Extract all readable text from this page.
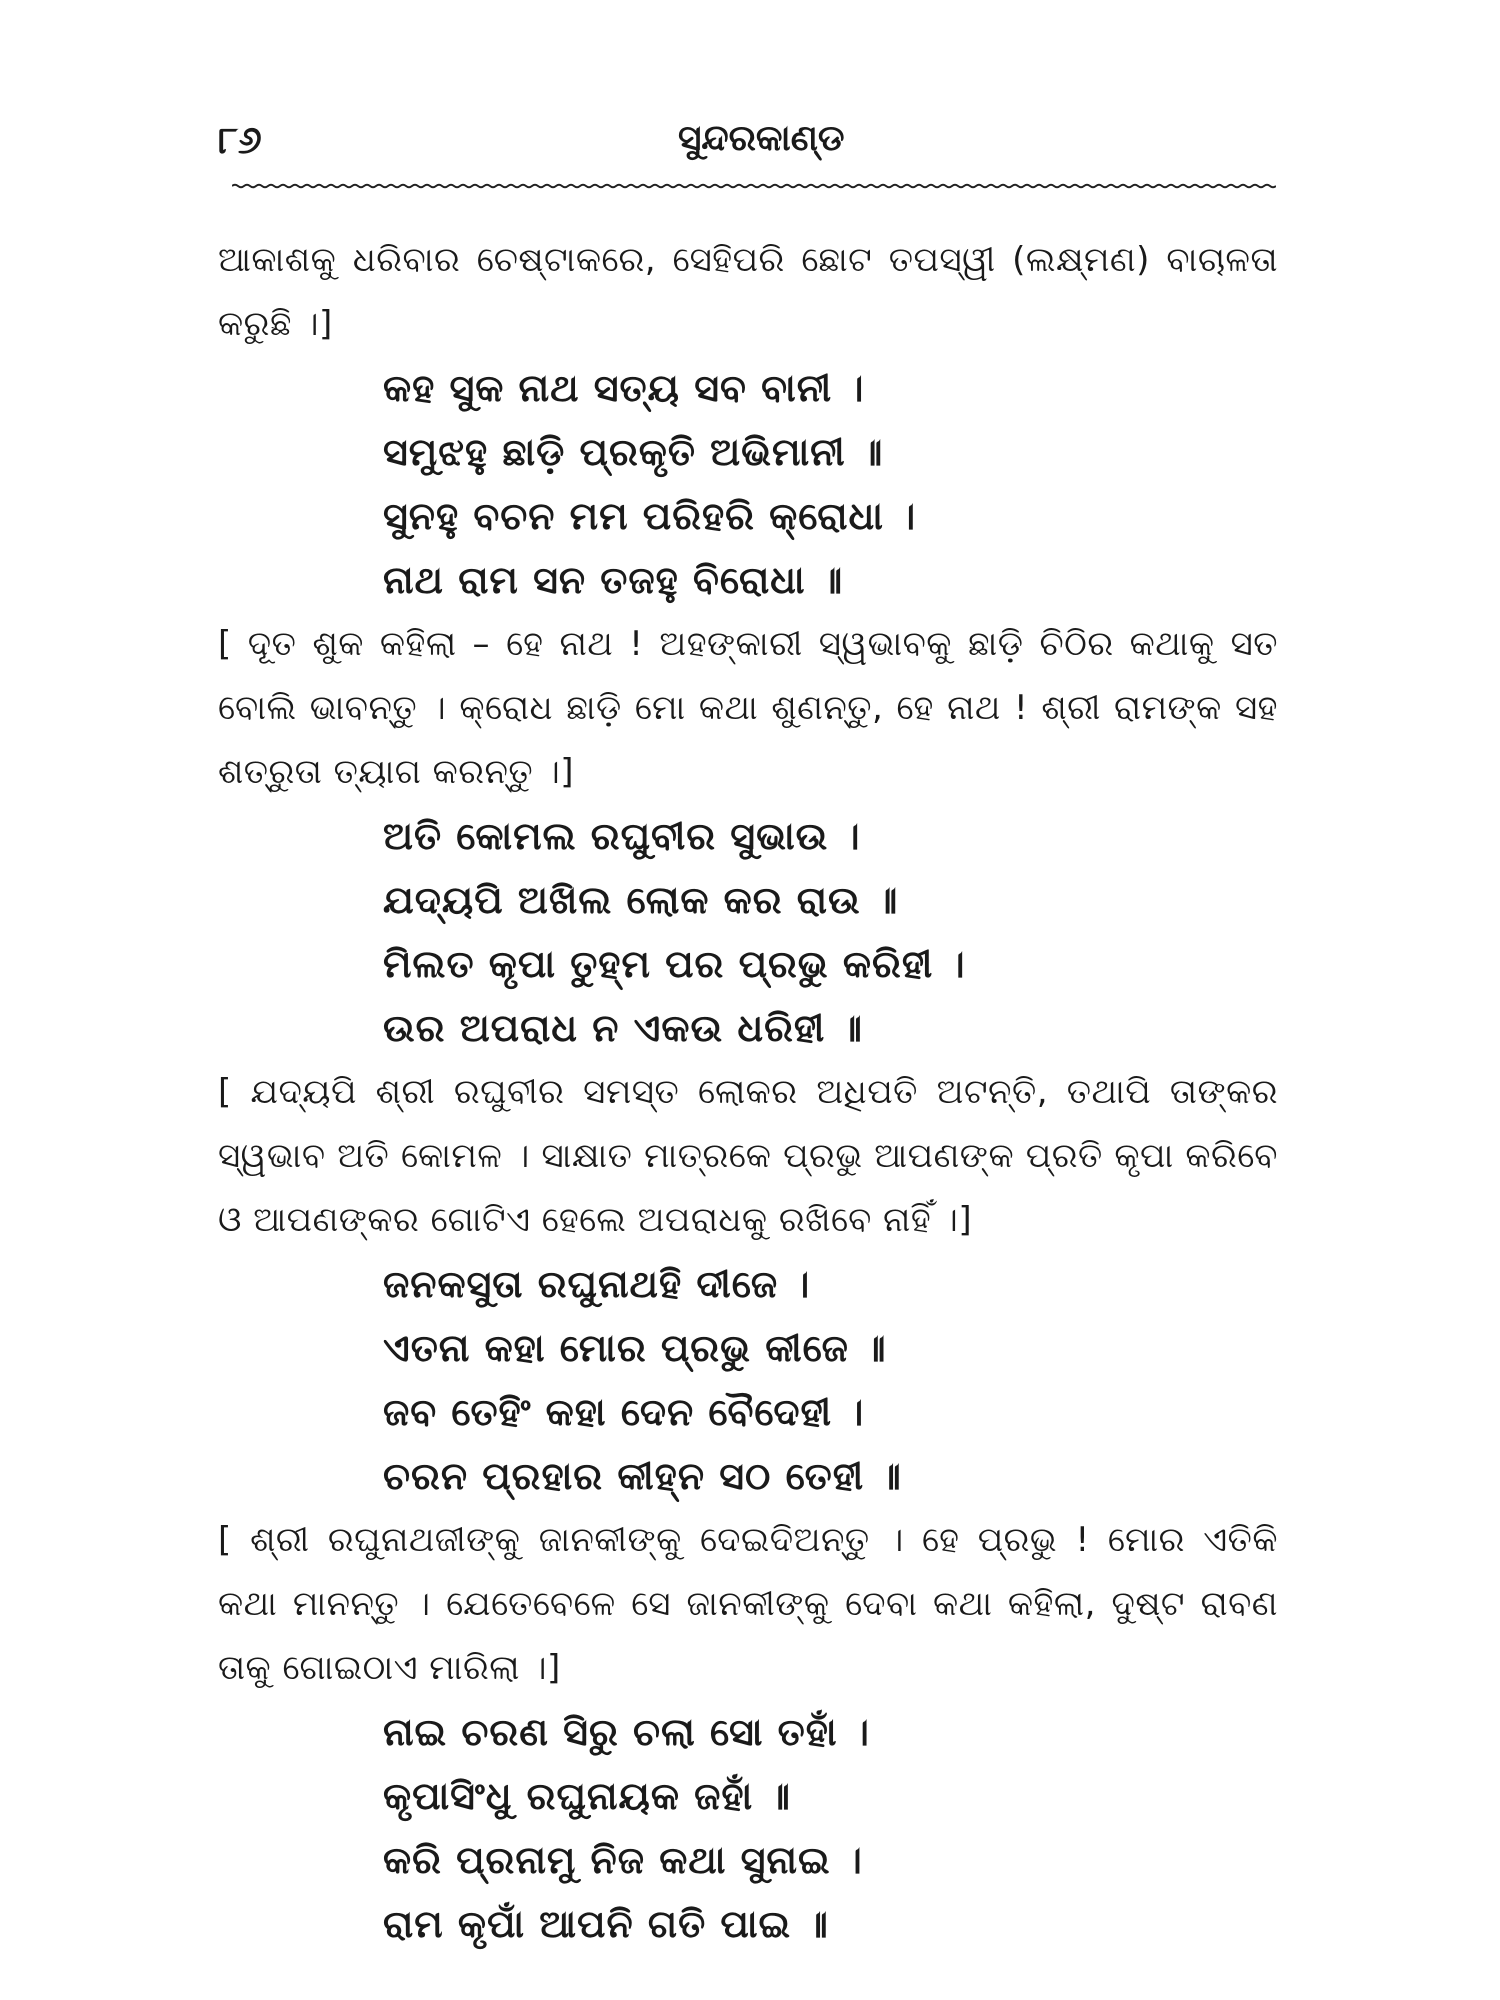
୮୬	ସୁନ୍ଦରକାଣ୍ଡ

ଆକାଶକୁ ଧରିବାର ଚେଷ୍ଟାକରେ, ସେହିପରି ଛୋଟ ତପସ୍ୱୀ (ଲକ୍ଷ୍ମଣ) ବାଚାଳତା କରୁଛି ।]

କହ ସୁକ ନାଥ ସତ୍ୟ ସବ ବାନୀ ।

ସମୁଝହୁ ଛାଡ଼ି ପ୍ରକୃତି ଅଭିମାନୀ ॥

ସୁନହୁ ବଚନ ମମ ପରିହରି କ୍ରୋଧା ।

ନାଥ ରାମ ସନ ତଜହୁ ବିରୋଧା ॥

[ ଦୂତ ଶୁକ କହିଲା – ହେ ନାଥ ! ଅହଙ୍କାରୀ ସ୍ୱଭାବକୁ ଛାଡ଼ି ଚିଠିର କଥାକୁ ସତ ବୋଲି ଭାବନ୍ତୁ । କ୍ରୋଧ ଛାଡ଼ି ମୋ କଥା ଶୁଣନ୍ତୁ, ହେ ନାଥ ! ଶ୍ରୀ ରାମଙ୍କ ସହ ଶତ୍ରୁତା ତ୍ୟାଗ କରନ୍ତୁ ।]

ଅତି କୋମଲ ରଘୁବୀର ସୁଭାଉ ।

ଯଦ୍ୟପି ଅଖିଲ ଲୋକ କର ରାଉ ॥

ମିଲତ କୃପା ତୁହ୍ମ ପର ପ୍ରଭୁ କରିହୀ ।

ଉର ଅପରାଧ ନ ଏକଉ ଧରିହୀ ॥

[ ଯଦ୍ୟପି ଶ୍ରୀ ରଘୁବୀର ସମସ୍ତ ଲୋକର ଅଧିପତି ଅଟନ୍ତି, ତଥାପି ତାଙ୍କର ସ୍ୱଭାବ ଅତି କୋମଳ । ସାକ୍ଷାତ ମାତ୍ରକେ ପ୍ରଭୁ ଆପଣଙ୍କ ପ୍ରତି କୃପା କରିବେ ଓ ଆପଣଙ୍କର ଗୋଟିଏ ହେଲେ ଅପରାଧକୁ ରଖିବେ ନାହିଁ ।]

ଜନକସୁତା ରଘୁନାଥହି ଦୀଜେ ।

ଏତନା କହା ମୋର ପ୍ରଭୁ କୀଜେ ॥

ଜବ ତେହିଂ କହା ଦେନ ବୈଦେହୀ ।

ଚରନ ପ୍ରହାର କୀହ୍ନ ସଠ ତେହୀ ॥

[ ଶ୍ରୀ ରଘୁନାଥଜୀଙ୍କୁ ଜାନକୀଙ୍କୁ ଦେଇଦିଅନ୍ତୁ । ହେ ପ୍ରଭୁ ! ମୋର ଏତିକି କଥା ମାନନ୍ତୁ । ଯେତେବେଳେ ସେ ଜାନକୀଙ୍କୁ ଦେବା କଥା କହିଲା, ଦୁଷ୍ଟ ରାବଣ ତାକୁ ଗୋଇଠାଏ ମାରିଲା ।]

ନାଇ ଚରଣ ସିରୁ ଚଲା ସୋ ତହାଁ ।

କୃପାସିଂଧୁ ରଘୁନାୟକ ଜହାଁ ॥

କରି ପ୍ରନାମୁ ନିଜ କଥା ସୁନାଇ ।

ରାମ କୃପାଁ ଆପନି ଗତି ପାଇ ॥
